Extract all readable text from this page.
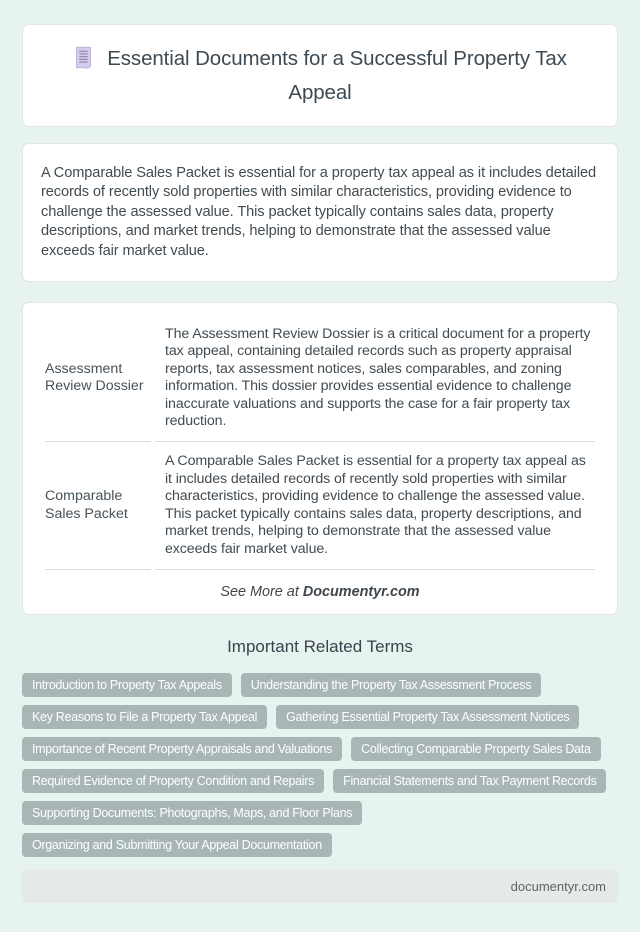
Essential Documents for a Successful Property Tax Appeal

A Comparable Sales Packet is essential for a property tax appeal as it includes detailed records of recently sold properties with similar characteristics, providing evidence to challenge the assessed value. This packet typically contains sales data, property descriptions, and market trends, helping to demonstrate that the assessed value exceeds fair market value.

Assessment Review Dossier	The Assessment Review Dossier is a critical document for a property tax appeal, containing detailed records such as property appraisal reports, tax assessment notices, sales comparables, and zoning information. This dossier provides essential evidence to challenge inaccurate valuations and supports the case for a fair property tax reduction.
Comparable Sales Packet	A Comparable Sales Packet is essential for a property tax appeal as it includes detailed records of recently sold properties with similar characteristics, providing evidence to challenge the assessed value. This packet typically contains sales data, property descriptions, and market trends, helping to demonstrate that the assessed value exceeds fair market value.

See More at Documentyr.com

Important Related Terms
Introduction to Property Tax Appeals	Understanding the Property Tax Assessment Process
Key Reasons to File a Property Tax Appeal	Gathering Essential Property Tax Assessment Notices
Importance of Recent Property Appraisals and Valuations	Collecting Comparable Property Sales Data
Required Evidence of Property Condition and Repairs	Financial Statements and Tax Payment Records
Supporting Documents: Photographs, Maps, and Floor Plans
Organizing and Submitting Your Appeal Documentation
documentyr.com
